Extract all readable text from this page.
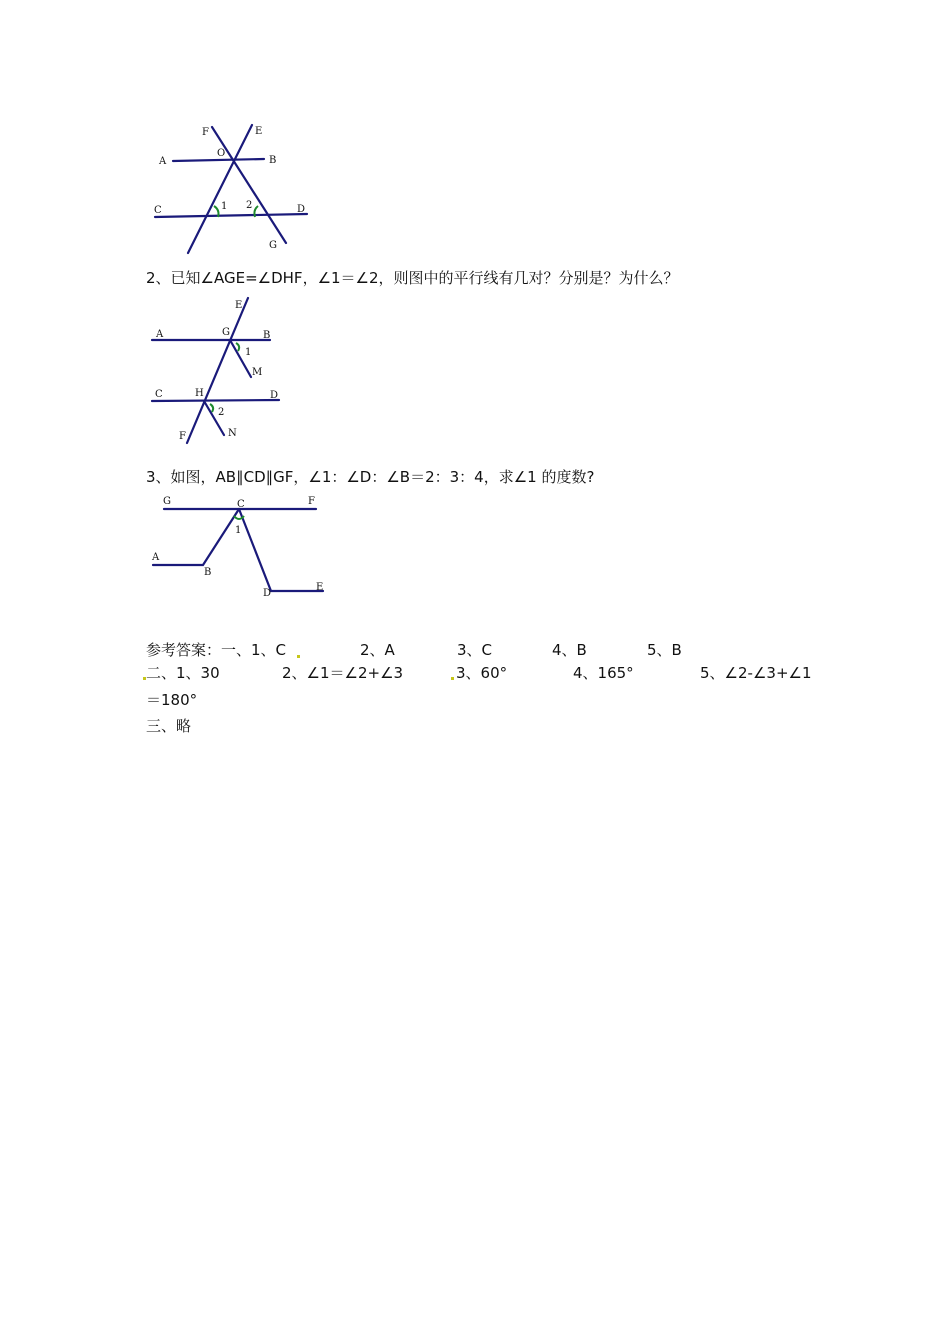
F	E
O
A	B
C	D
1 2
G
2、已知∠AGE=∠DHF，∠1＝∠2，则图中的平行线有几对？分别是？为什么？
E
A	G	B
1
M
C	H	D
2
F	N
3、如图，AB∥CD∥GF，∠1：∠D：∠B＝2：3：4，求∠1 的度数?
G	C	F
1
A
B
D
E
参考答案：一、1、C	2、A	3、C	4、B	5、B
二、1、30	2、∠1＝∠2+∠3	3、60°	4、165°	5、∠2-∠3+∠1
＝180°
三、略
